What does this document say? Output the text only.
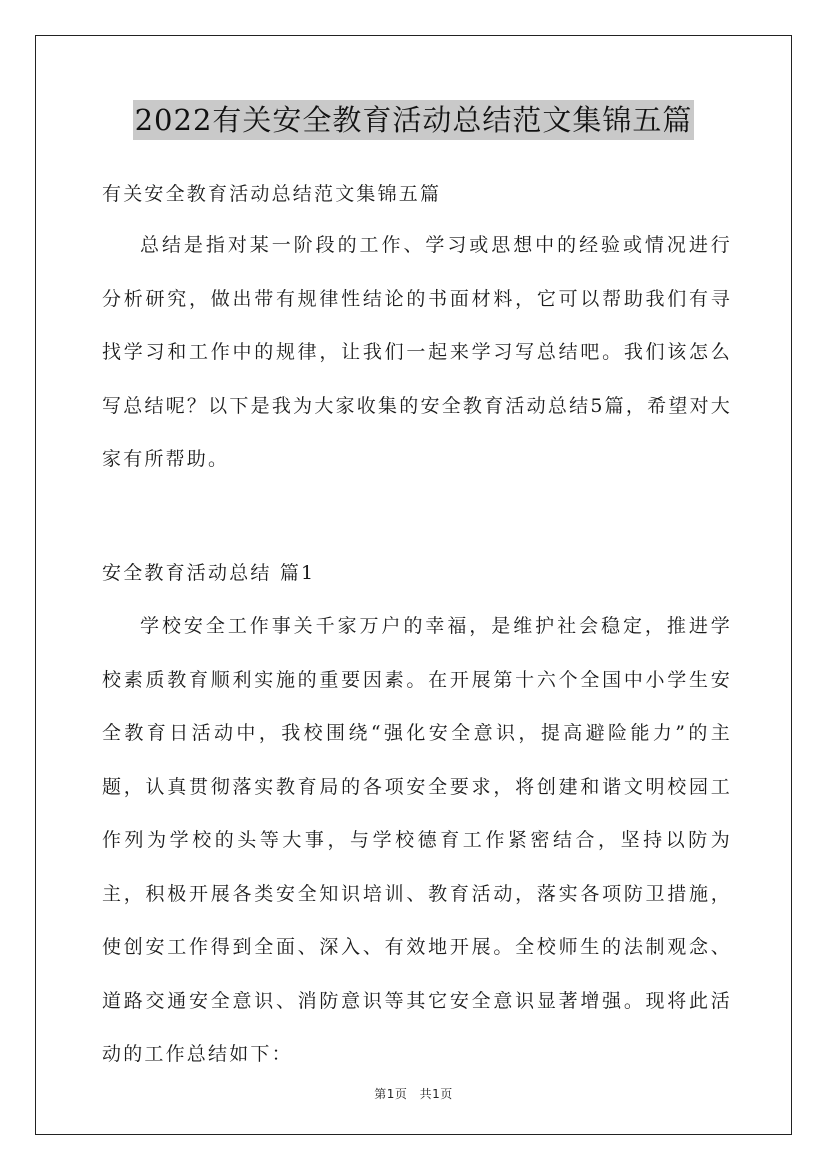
2022有关安全教育活动总结范文集锦五篇
有关安全教育活动总结范文集锦五篇

总结是指对某一阶段的工作、学习或思想中的经验或情况进行分析研究，做出带有规律性结论的书面材料，它可以帮助我们有寻找学习和工作中的规律，让我们一起来学习写总结吧。我们该怎么写总结呢？以下是我为大家收集的安全教育活动总结5篇，希望对大家有所帮助。

安全教育活动总结 篇1

学校安全工作事关千家万户的幸福，是维护社会稳定，推进学校素质教育顺利实施的重要因素。在开展第十六个全国中小学生安全教育日活动中，我校围绕“强化安全意识，提高避险能力”的主题，认真贯彻落实教育局的各项安全要求，将创建和谐文明校园工作列为学校的头等大事，与学校德育工作紧密结合，坚持以防为主，积极开展各类安全知识培训、教育活动，落实各项防卫措施，使创安工作得到全面、深入、有效地开展。全校师生的法制观念、道路交通安全意识、消防意识等其它安全意识显著增强。现将此活动的工作总结如下：

第1页 共1页
